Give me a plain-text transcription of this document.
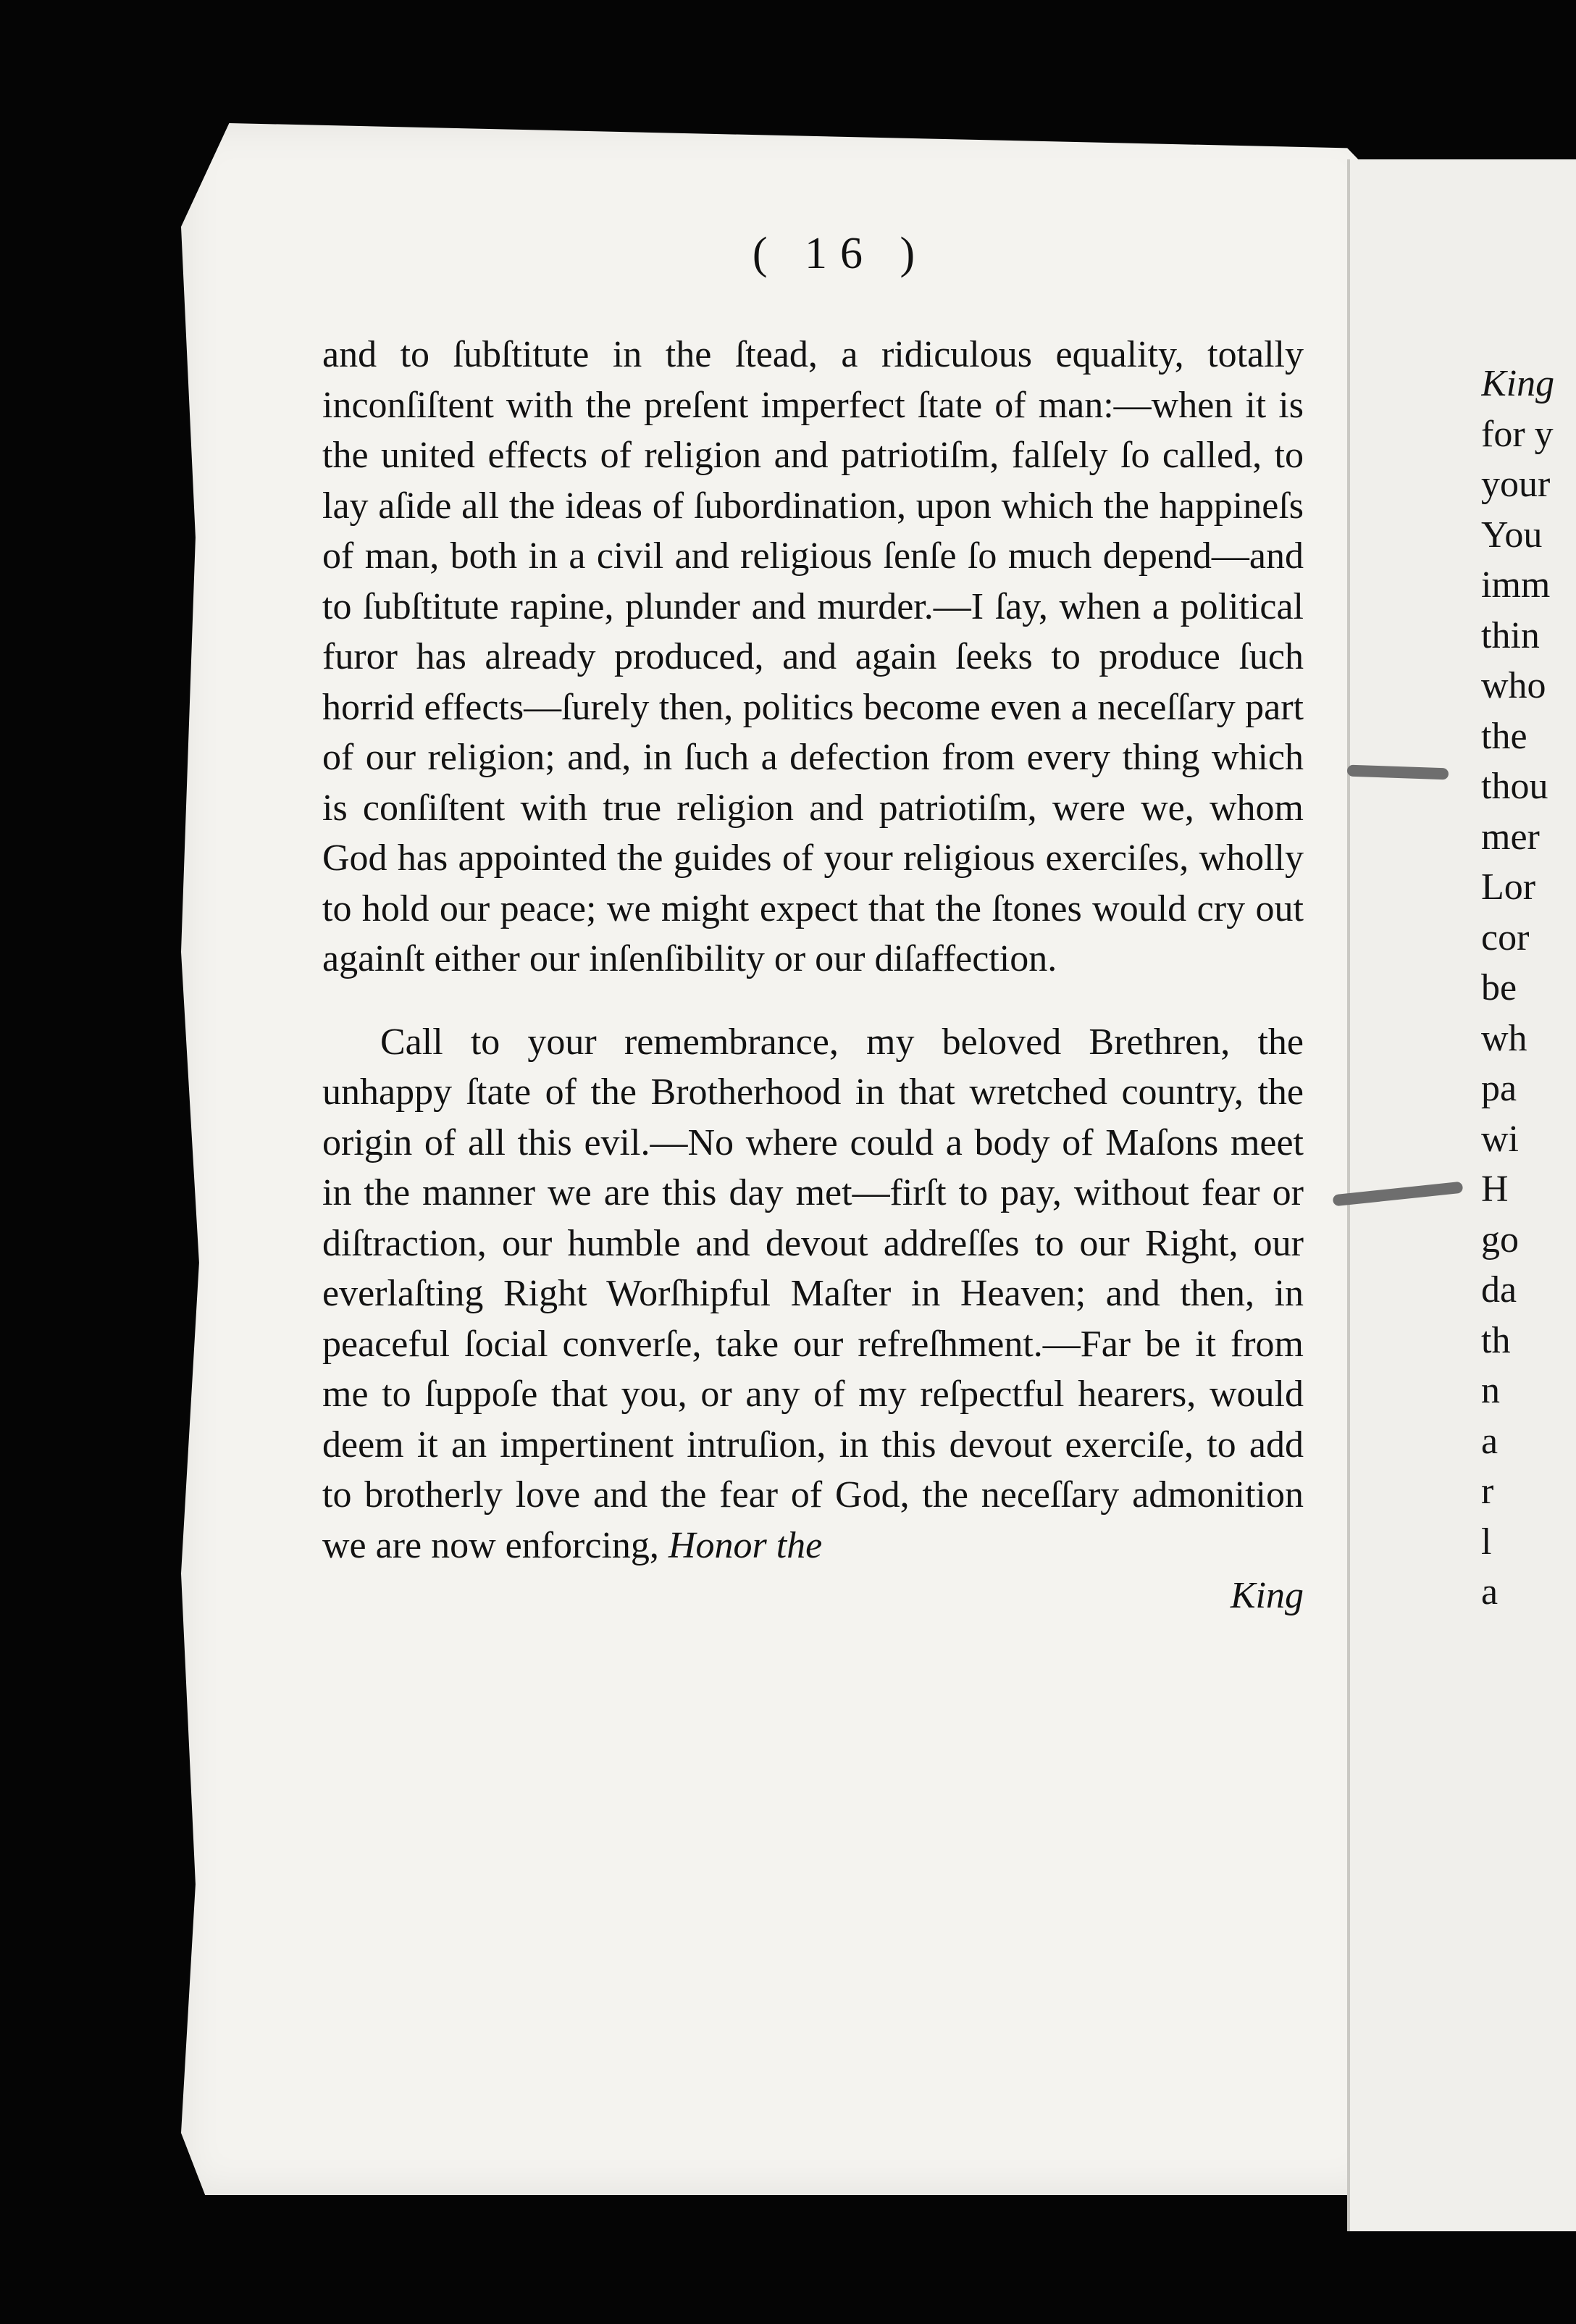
( 16 )

and to ſubſtitute in the ſtead, a ridiculous equality, totally inconſiſtent with the preſent imperfect ſtate of man:—when it is the united effects of religion and patriotiſm, falſely ſo called, to lay aſide all the ideas of ſubordination, upon which the happineſs of man, both in a civil and religious ſenſe ſo much depend—and to ſubſtitute rapine, plunder and murder.—I ſay, when a political furor has already produced, and again ſeeks to produce ſuch horrid effects—ſurely then, politics become even a neceſſary part of our religion; and, in ſuch a defection from every thing which is conſiſtent with true religion and patriotiſm, were we, whom God has appointed the guides of your religious exerciſes, wholly to hold our peace; we might expect that the ſtones would cry out againſt either our inſenſibility or our diſaffection.

Call to your remembrance, my beloved Brethren, the unhappy ſtate of the Brotherhood in that wretched country, the origin of all this evil.—No where could a body of Maſons meet in the manner we are this day met—firſt to pay, without fear or diſtraction, our humble and devout addreſſes to our Right, our everlaſting Right Worſhipful Maſter in Heaven; and then, in peaceful ſocial converſe, take our refreſhment.—Far be it from me to ſuppoſe that you, or any of my reſpectful hearers, would deem it an impertinent intruſion, in this devout exerciſe, to add to brotherly love and the fear of God, the neceſſary admonition we are now enforcing, Honor the

King
King
for y
your
You
imm
thin
who
the
thou
mer
Lor
cor
be
wh
pa
wi
H
go
da
th
n
a
r
l
a
